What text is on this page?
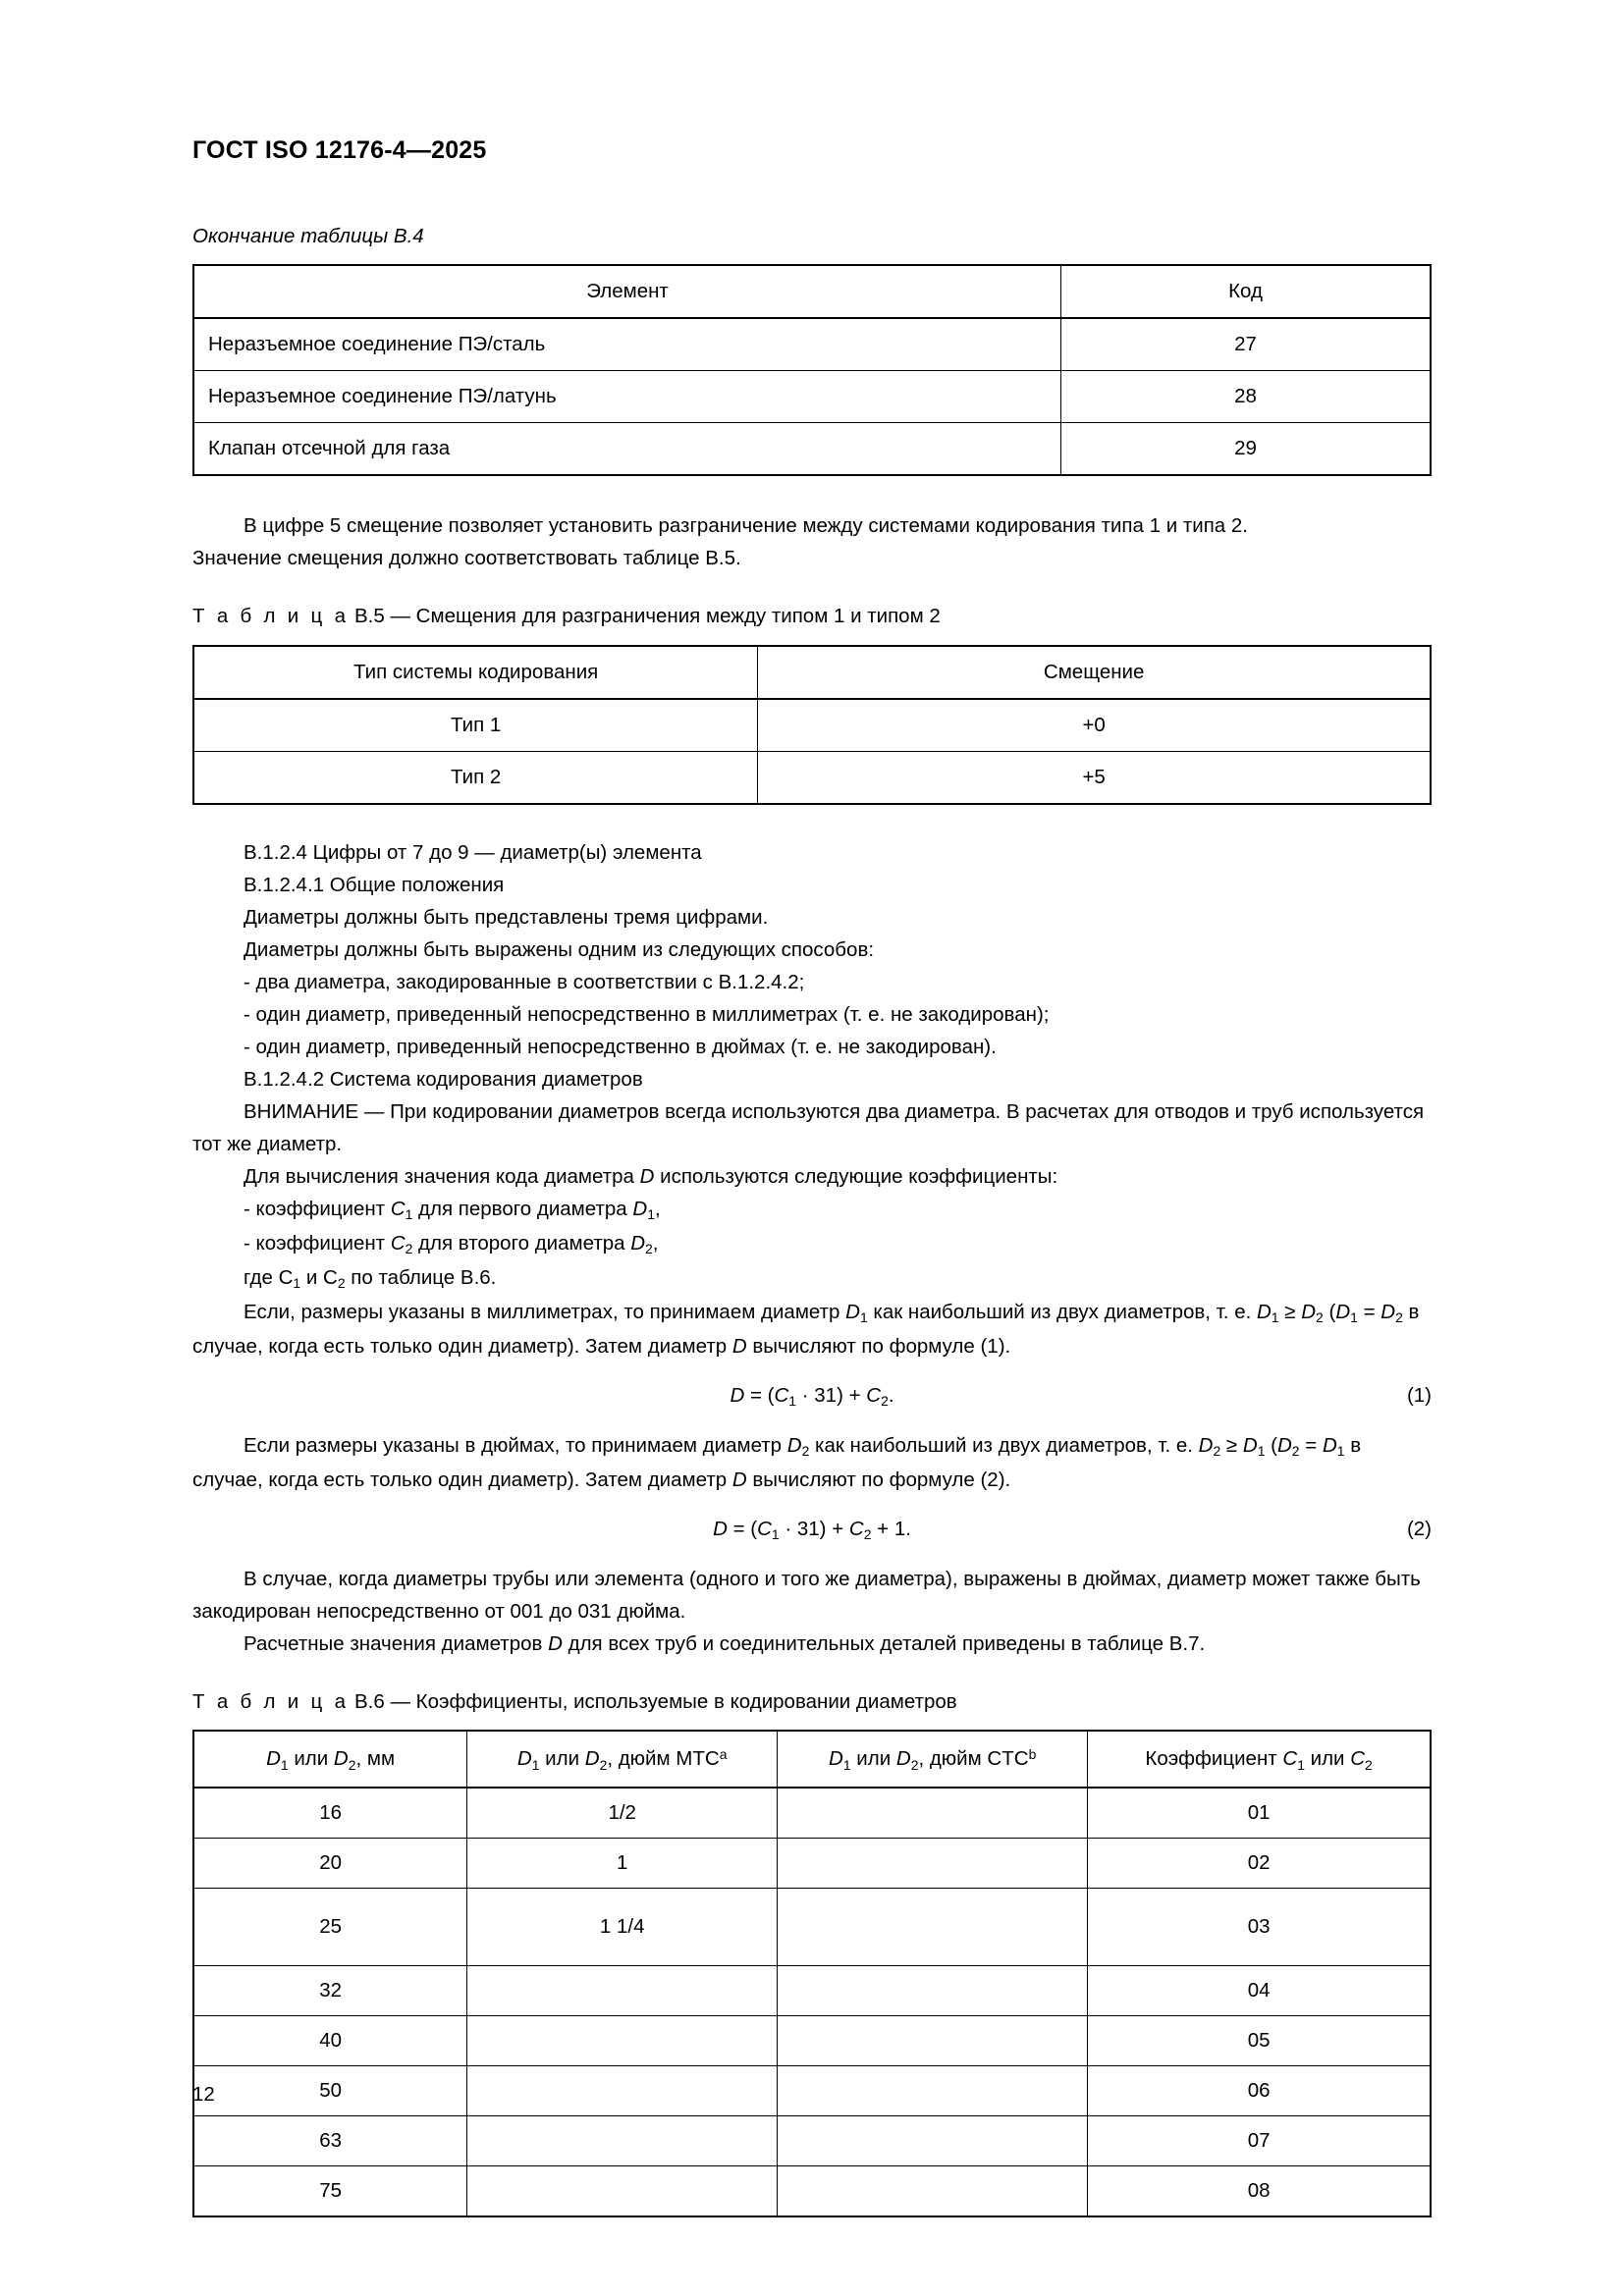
ГОСТ ISO 12176-4—2025
Окончание таблицы В.4
Элемент	Код
Неразъемное соединение ПЭ/сталь	27
Неразъемное соединение ПЭ/латунь	28
Клапан отсечной для газа	29
В цифре 5 смещение позволяет установить разграничение между системами кодирования типа 1 и типа 2.
Значение смещения должно соответствовать таблице В.5.
Т а б л и ц а В.5 — Смещения для разграничения между типом 1 и типом 2
Тип системы кодирования	Смещение
Тип 1	+0
Тип 2	+5
В.1.2.4 Цифры от 7 до 9 — диаметр(ы) элемента
В.1.2.4.1 Общие положения
Диаметры должны быть представлены тремя цифрами.
Диаметры должны быть выражены одним из следующих способов:
- два диаметра, закодированные в соответствии с В.1.2.4.2;
- один диаметр, приведенный непосредственно в миллиметрах (т. е. не закодирован);
- один диаметр, приведенный непосредственно в дюймах (т. е. не закодирован).
В.1.2.4.2 Система кодирования диаметров
ВНИМАНИЕ — При кодировании диаметров всегда используются два диаметра. В расчетах для отводов и труб используется тот же диаметр.
Для вычисления значения кода диаметра D используются следующие коэффициенты:
- коэффициент $C_1$ для первого диаметра $D_1$,
- коэффициент $C_2$ для второго диаметра $D_2$,
где $С_1$ и $С_2$ по таблице В.6.
Если, размеры указаны в миллиметрах, то принимаем диаметр $D_1$ как наибольший из двух диаметров, т. е. $D_1 \ge D_2$ ($D_1 = D_2$ в случае, когда есть только один диаметр). Затем диаметр D вычисляют по формуле (1).
$D = (C_1 \cdot 31) + C_2$.	(1)
Если размеры указаны в дюймах, то принимаем диаметр $D_2$ как наибольший из двух диаметров, т. е. $D_2 \ge D_1$ ($D_2 = D_1$ в случае, когда есть только один диаметр). Затем диаметр D вычисляют по формуле (2).
$D = (C_1 \cdot 31) + C_2 + 1$.	(2)
В случае, когда диаметры трубы или элемента (одного и того же диаметра), выражены в дюймах, диаметр может также быть закодирован непосредственно от 001 до 031 дюйма.
Расчетные значения диаметров D для всех труб и соединительных деталей приведены в таблице В.7.
Т а б л и ц а В.6 — Коэффициенты, используемые в кодировании диаметров
$D_1$ или $D_2$, мм	$D_1$ или $D_2$, дюйм MTC$^a$	$D_1$ или $D_2$, дюйм CTC$^b$	Коэффициент $C_1$ или $C_2$
16	1/2		01
20	1		02
25	1 1/4		03
32			04
40			05
50			06
63			07
75			08
12
